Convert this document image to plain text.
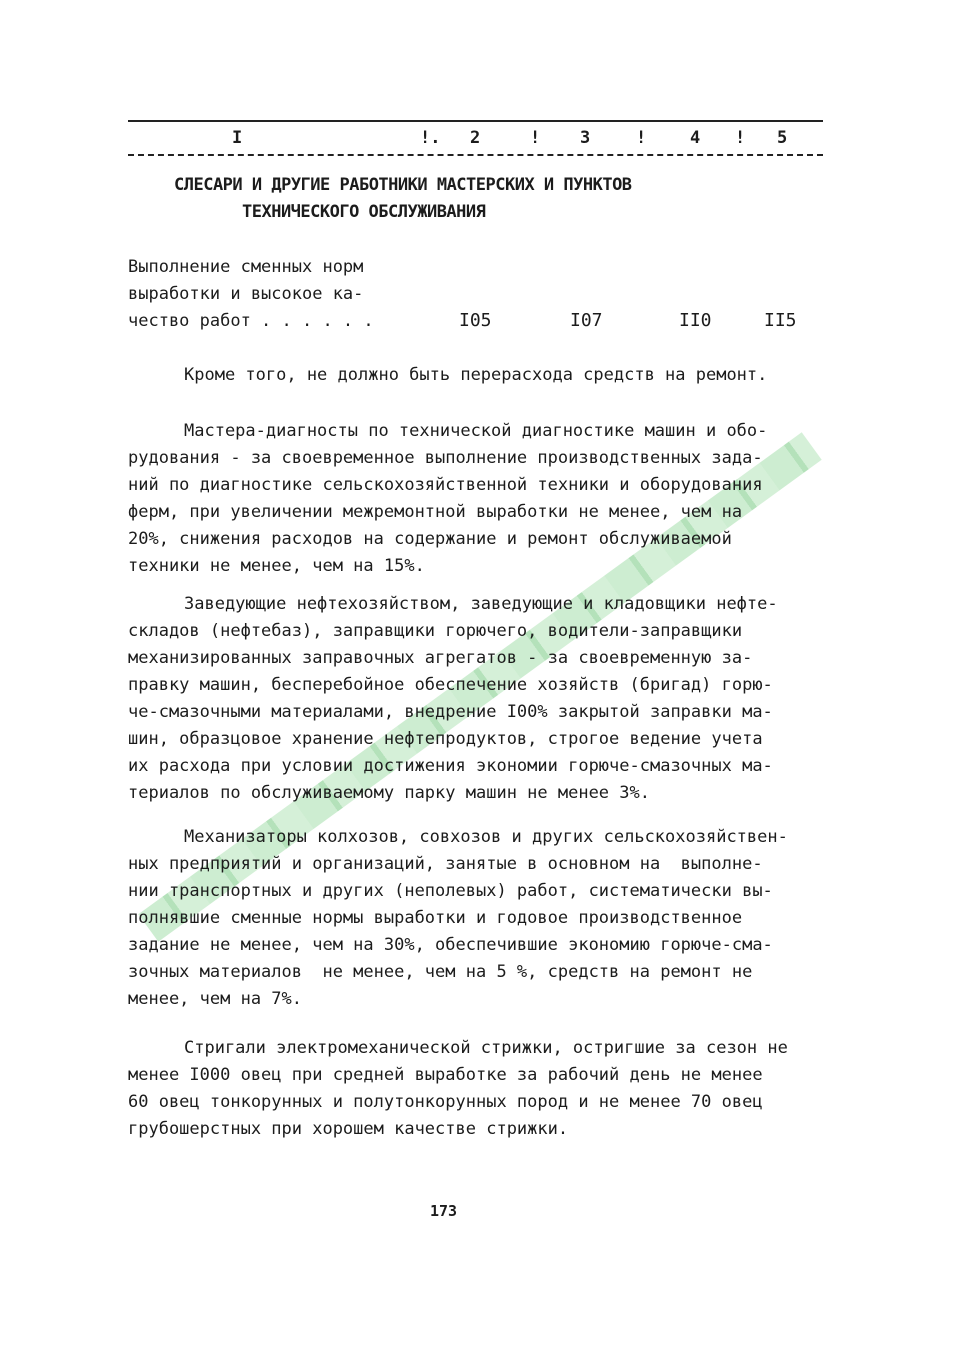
I	!. 2	! 3	!	4 ! 5
СЛЕСАРИ И ДРУГИЕ РАБОТНИКИ МАСТЕРСКИХ И ПУНКТОВ
ТЕХНИЧЕСКОГО ОБСЛУЖИВАНИЯ
Выполнение сменных норм
выработки и высокое ка-
чество работ . . . . . .	I05	I07	II0	II5
Кроме того, не должно быть перерасхода средств на ремонт.
Мастера-диагносты по технической диагностике машин и обо-
рудования - за своевременное выполнение производственных зада-
ний по диагностике сельскохозяйственной техники и оборудования
ферм, при увеличении межремонтной выработки не менее, чем на
20%, снижения расходов на содержание и ремонт обслуживаемой
техники не менее, чем на 15%.
Заведующие нефтехозяйством, заведующие и кладовщики нефте-
складов (нефтебаз), заправщики горючего, водители-заправщики
механизированных заправочных агрегатов - за своевременную за-
правку машин, бесперебойное обеспечение хозяйств (бригад) горю-
че-смазочными материалами, внедрение I00% закрытой заправки ма-
шин, образцовое хранение нефтепродуктов, строгое ведение учета
их расхода при условии достижения экономии горюче-смазочных ма-
териалов по обслуживаемому парку машин не менее 3%.
Механизаторы колхозов, совхозов и других сельскохозяйствен-
ных предприятий и организаций, занятые в основном на  выполне-
нии транспортных и других (неполевых) работ, систематически вы-
полнявшие сменные нормы выработки и годовое производственное
задание не менее, чем на 30%, обеспечившие экономию горюче-сма-
зочных материалов  не менее, чем на 5 %, средств на ремонт не
менее, чем на 7%.
Стригали электромеханической стрижки, остригшие за сезон не
менее I000 овец при средней выработке за рабочий день не менее
60 овец тонкорунных и полутонкорунных пород и не менее 70 овец
грубошерстных при хорошем качестве стрижки.
173
